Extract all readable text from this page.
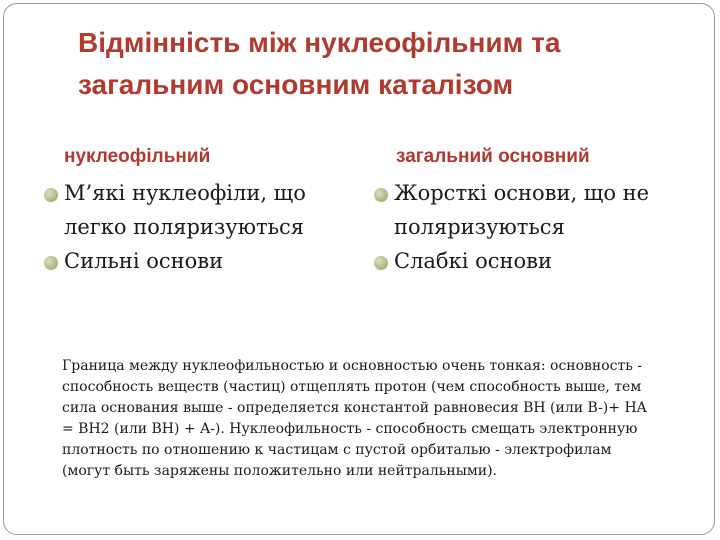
Відмінність між нуклеофільним та загальним основним каталізом
нуклеофільний	загальний основний
М’які нуклеофіли, що легко поляризуються
Сильні основи
Жорсткі основи, що не поляризуються
Слабкі основи

Граница между нуклеофильностью и основностью очень тонкая: основность - способность веществ (частиц) отщеплять протон (чем способность выше, тем сила основания выше - определяется константой равновесия BH (или B-)+ HA = BH2 (или BH) + A-). Нуклеофильность - способность смещать электронную плотность по отношению к частицам с пустой орбиталью - электрофилам (могут быть заряжены положительно или нейтральными).
